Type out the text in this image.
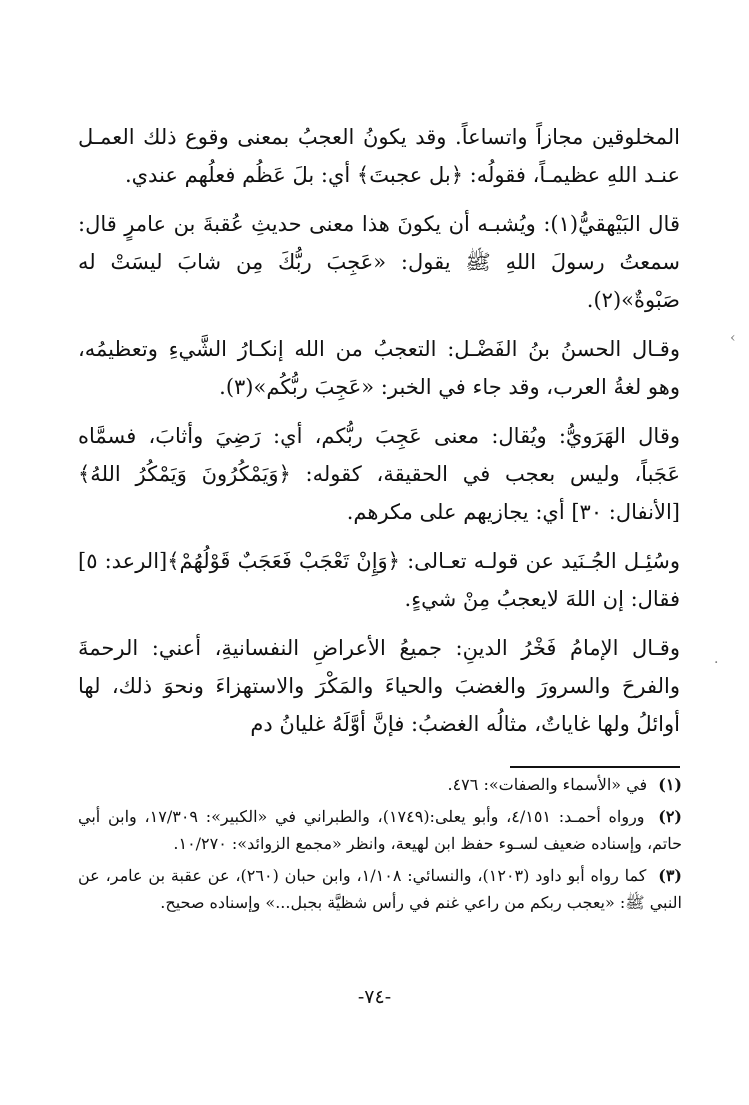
المخلوقين مجازاً واتساعاً. وقد يكونُ العجبُ بمعنى وقوع ذلك العمـل عنـد اللهِ عظيمـاً، فقولُه: ﴿بل عجبتَ﴾ أي: بلَ عَظُم فعلُهم عندي.

قال البَيْهقيُّ(١): ويُشبـه أن يكونَ هذا معنى حديثِ عُقبةَ بن عامرٍ قال: سمعتُ رسولَ اللهِ ﷺ يقول: «عَجِبَ ربُّكَ مِن شابَ ليسَتْ له صَبْوةٌ»(٢).

وقـال الحسنُ بنُ الفَضْـل: التعجبُ من الله إنكـارُ الشَّيءِ وتعظيمُه، وهو لغةُ العرب، وقد جاء في الخبر: «عَجِبَ ربُّكُم»(٣).

وقال الهَرَويُّ: ويُقال: معنى عَجِبَ ربُّكم، أي: رَضِيَ وأثابَ، فسمَّاه عَجَباً، وليس بعجب في الحقيقة، كقوله: ﴿وَيَمْكُرُونَ وَيَمْكُرُ اللهُ﴾[الأنفال: ٣٠] أي: يجازيهم على مكرهم.

وسُئِـل الجُـنَيد عن قولـه تعـالى: ﴿وَإِنْ تَعْجَبْ فَعَجَبٌ قَوْلُهُمْ﴾[الرعد: ٥] فقال: إن اللهَ لايعجبُ مِنْ شيءٍ.

وقـال الإمامُ فَخْرُ الدينِ: جميعُ الأعراضِ النفسانيةِ، أعني: الرحمةَ والفرحَ والسرورَ والغضبَ والحياءَ والمَكْرَ والاستهزاءَ ونحوَ ذلك، لها أوائلُ ولها غاياتٌ، مثالُه الغضبُ: فإنَّ أوَّلَهُ غليانُ دم

(١) في «الأسماء والصفات»: ٤٧٦.

(٢) ورواه أحمـد: ٤/١٥١، وأبو يعلى:(١٧٤٩)، والطبراني في «الكبير»: ١٧/٣٠٩، وابن أبي حاتم، وإسناده ضعيف لسـوء حفظ ابن لهيعة، وانظر «مجمع الزوائد»: ١٠/٢٧٠.

(٣) كما رواه أبو داود (١٢٠٣)، والنسائي: ١/١٠٨، وابن حبان (٢٦٠)، عن عقبة بن عامر، عن النبي ﷺ: «يعجب ربكم من راعي غنم في رأس شظيَّة بجبل...» وإسناده صحيح.

-٧٤-
‹
·
